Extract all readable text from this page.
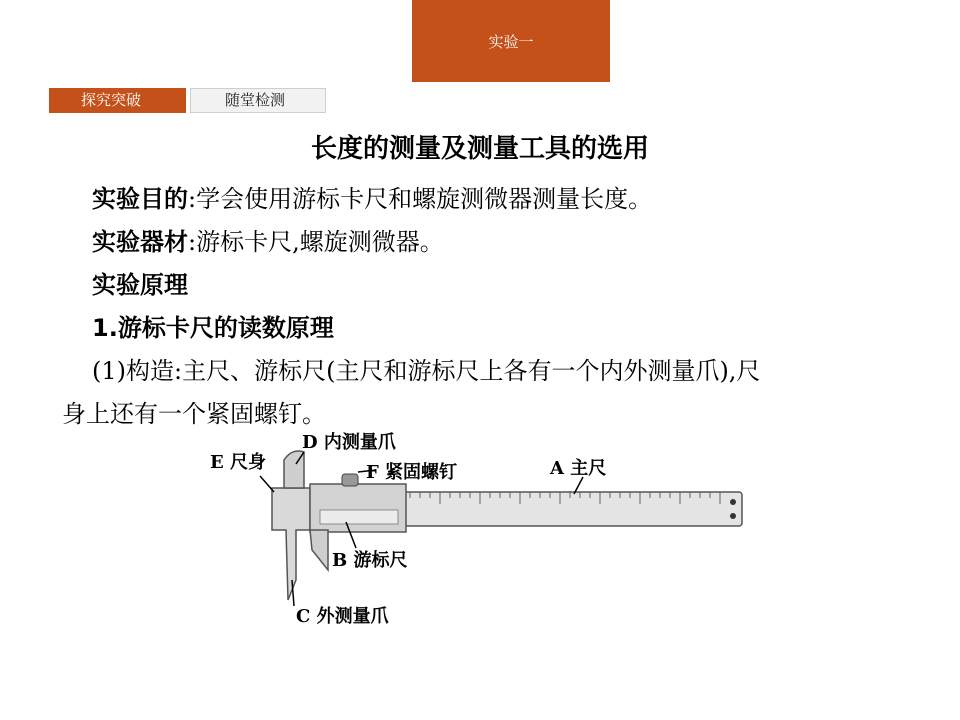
实验一
探究突破	随堂检测
长度的测量及测量工具的选用
实验目的:学会使用游标卡尺和螺旋测微器测量长度。
实验器材:游标卡尺,螺旋测微器。
实验原理
1.游标卡尺的读数原理
(1)构造:主尺、游标尺(主尺和游标尺上各有一个内外测量爪),尺
身上还有一个紧固螺钉。
E 尺身
D 内测量爪
F 紧固螺钉	A 主尺
B 游标尺
C 外测量爪
